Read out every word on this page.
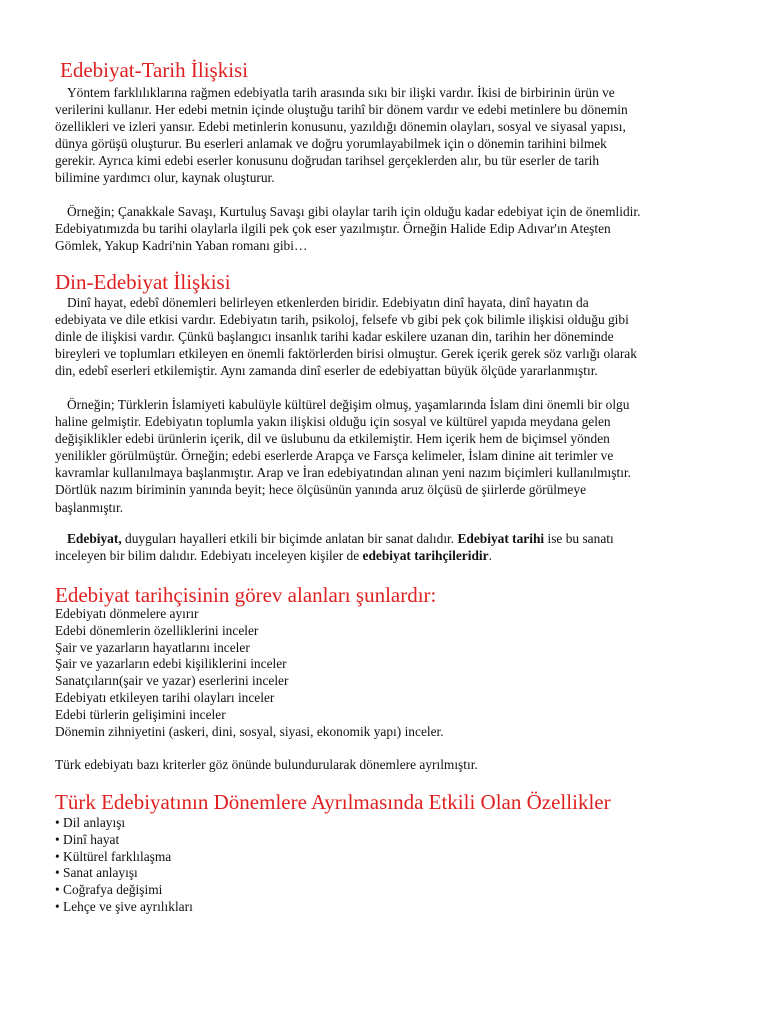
Edebiyat-Tarih İlişkisi
Yöntem farklılıklarına rağmen edebiyatla tarih arasında sıkı bir ilişki vardır. İkisi de birbirinin ürün ve
verilerini kullanır. Her edebi metnin içinde oluştuğu tarihî bir dönem vardır ve edebi metinlere bu dönemin
özellikleri ve izleri yansır. Edebi metinlerin konusunu, yazıldığı dönemin olayları, sosyal ve siyasal yapısı,
dünya görüşü oluşturur. Bu eserleri anlamak ve doğru yorumlayabilmek için o dönemin tarihini bilmek
gerekir. Ayrıca kimi edebi eserler konusunu doğrudan tarihsel gerçeklerden alır, bu tür eserler de tarih
bilimine yardımcı olur, kaynak oluşturur.
Örneğin; Çanakkale Savaşı, Kurtuluş Savaşı gibi olaylar tarih için olduğu kadar edebiyat için de önemlidir.
Edebiyatımızda bu tarihi olaylarla ilgili pek çok eser yazılmıştır. Örneğin Halide Edip Adıvar'ın Ateşten
Gömlek, Yakup Kadri'nin Yaban romanı gibi…
Din-Edebiyat İlişkisi
Dinî hayat, edebî dönemleri belirleyen etkenlerden biridir. Edebiyatın dinî hayata, dinî hayatın da
edebiyata ve dile etkisi vardır. Edebiyatın tarih, psikoloj, felsefe vb gibi pek çok bilimle ilişkisi olduğu gibi
dinle de ilişkisi vardır. Çünkü başlangıcı insanlık tarihi kadar eskilere uzanan din, tarihin her döneminde
bireyleri ve toplumları etkileyen en önemli faktörlerden birisi olmuştur. Gerek içerik gerek söz varlığı olarak
din, edebî eserleri etkilemiştir. Aynı zamanda dinî eserler de edebiyattan büyük ölçüde yararlanmıştır.
Örneğin; Türklerin İslamiyeti kabulüyle kültürel değişim olmuş, yaşamlarında İslam dini önemli bir olgu
haline gelmiştir. Edebiyatın toplumla yakın ilişkisi olduğu için sosyal ve kültürel yapıda meydana gelen
değişiklikler edebi ürünlerin içerik, dil ve üslubunu da etkilemiştir. Hem içerik hem de biçimsel yönden
yenilikler görülmüştür. Örneğin; edebi eserlerde Arapça ve Farsça kelimeler, İslam dinine ait terimler ve
kavramlar kullanılmaya başlanmıştır. Arap ve İran edebiyatından alınan yeni nazım biçimleri kullanılmıştır.
Dörtlük nazım biriminin yanında beyit; hece ölçüsünün yanında aruz ölçüsü de şiirlerde görülmeye
başlanmıştır.
Edebiyat, duyguları hayalleri etkili bir biçimde anlatan bir sanat dalıdır. Edebiyat tarihi ise bu sanatı
inceleyen bir bilim dalıdır. Edebiyatı inceleyen kişiler de edebiyat tarihçileridir.
Edebiyat tarihçisinin görev alanları şunlardır:
Edebiyatı dönmelere ayırır
Edebi dönemlerin özelliklerini inceler
Şair ve yazarların hayatlarını inceler
Şair ve yazarların edebi kişiliklerini inceler
Sanatçıların(şair ve yazar) eserlerini inceler
Edebiyatı etkileyen tarihi olayları inceler
Edebi türlerin gelişimini inceler
Dönemin zihniyetini (askeri, dini, sosyal, siyasi, ekonomik yapı) inceler.
Türk edebiyatı bazı kriterler göz önünde bulundurularak dönemlere ayrılmıştır.
Türk Edebiyatının Dönemlere Ayrılmasında Etkili Olan Özellikler
• Dil anlayışı
• Dinî hayat
• Kültürel farklılaşma
• Sanat anlayışı
• Coğrafya değişimi
• Lehçe ve şive ayrılıkları
